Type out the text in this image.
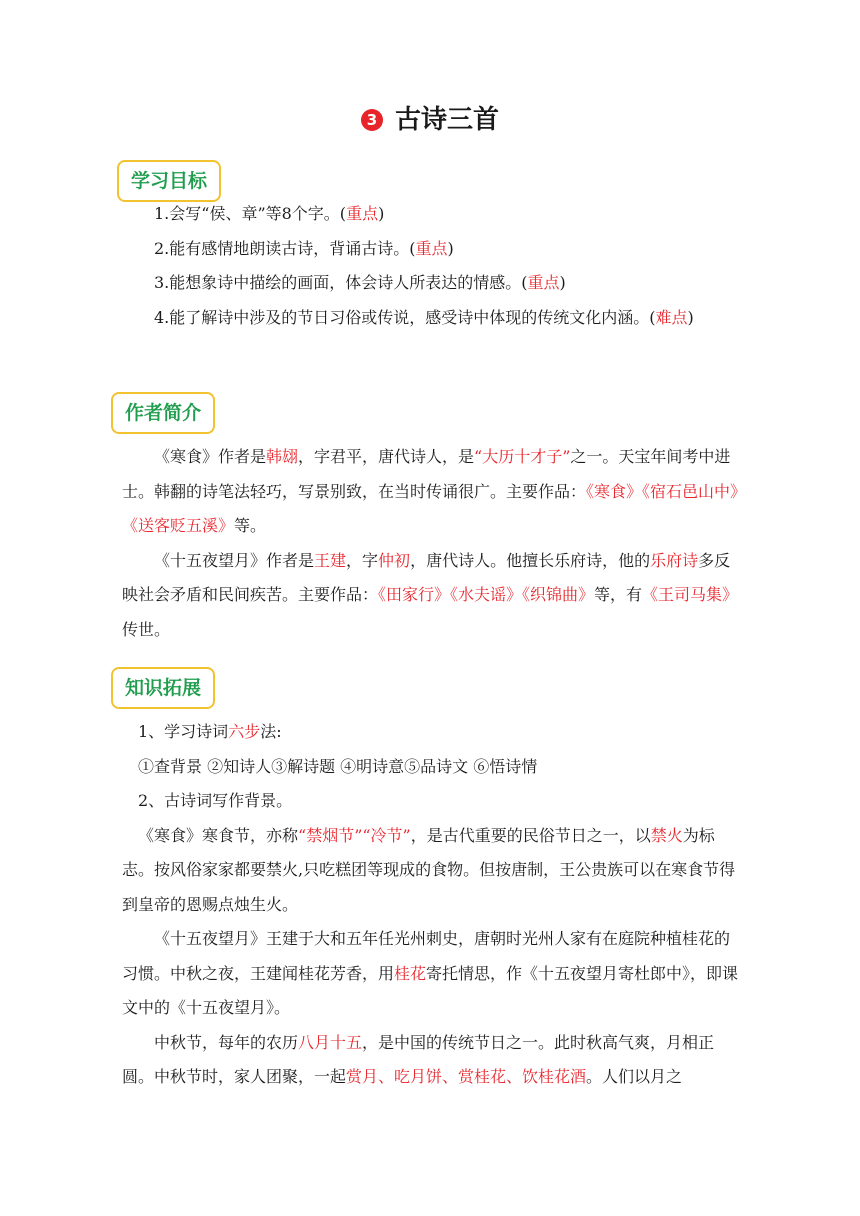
3 古诗三首
学习目标

1.会写“侯、章”等8个字。(重点)

2.能有感情地朗读古诗，背诵古诗。(重点)

3.能想象诗中描绘的画面，体会诗人所表达的情感。(重点)

4.能了解诗中涉及的节日习俗或传说，感受诗中体现的传统文化内涵。(难点)

作者简介

《寒食》作者是韩翃，字君平，唐代诗人，是“大历十才子”之一。天宝年间考中进士。韩翻的诗笔法轻巧，写景别致，在当时传诵很广。主要作品：《寒食》《宿石邑山中》《送客贬五溪》等。

《十五夜望月》作者是王建，字仲初，唐代诗人。他擅长乐府诗，他的乐府诗多反映社会矛盾和民间疾苦。主要作品：《田家行》《水夫谣》《织锦曲》等，有《王司马集》传世。

知识拓展

1、学习诗词六步法:

①查背景 ②知诗人③解诗题 ④明诗意⑤品诗文 ⑥悟诗情

2、古诗词写作背景。

《寒食》寒食节，亦称“禁烟节”“冷节”，是古代重要的民俗节日之一，以禁火为标志。按风俗家家都要禁火,只吃糕团等现成的食物。但按唐制，王公贵族可以在寒食节得到皇帝的恩赐点烛生火。

《十五夜望月》王建于大和五年任光州刺史，唐朝时光州人家有在庭院种植桂花的习惯。中秋之夜，王建闻桂花芳香，用桂花寄托情思，作《十五夜望月寄杜郎中》，即课文中的《十五夜望月》。

中秋节，每年的农历八月十五，是中国的传统节日之一。此时秋高气爽，月相正圆。中秋节时，家人团聚，一起赏月、吃月饼、赏桂花、饮桂花酒。人们以月之
